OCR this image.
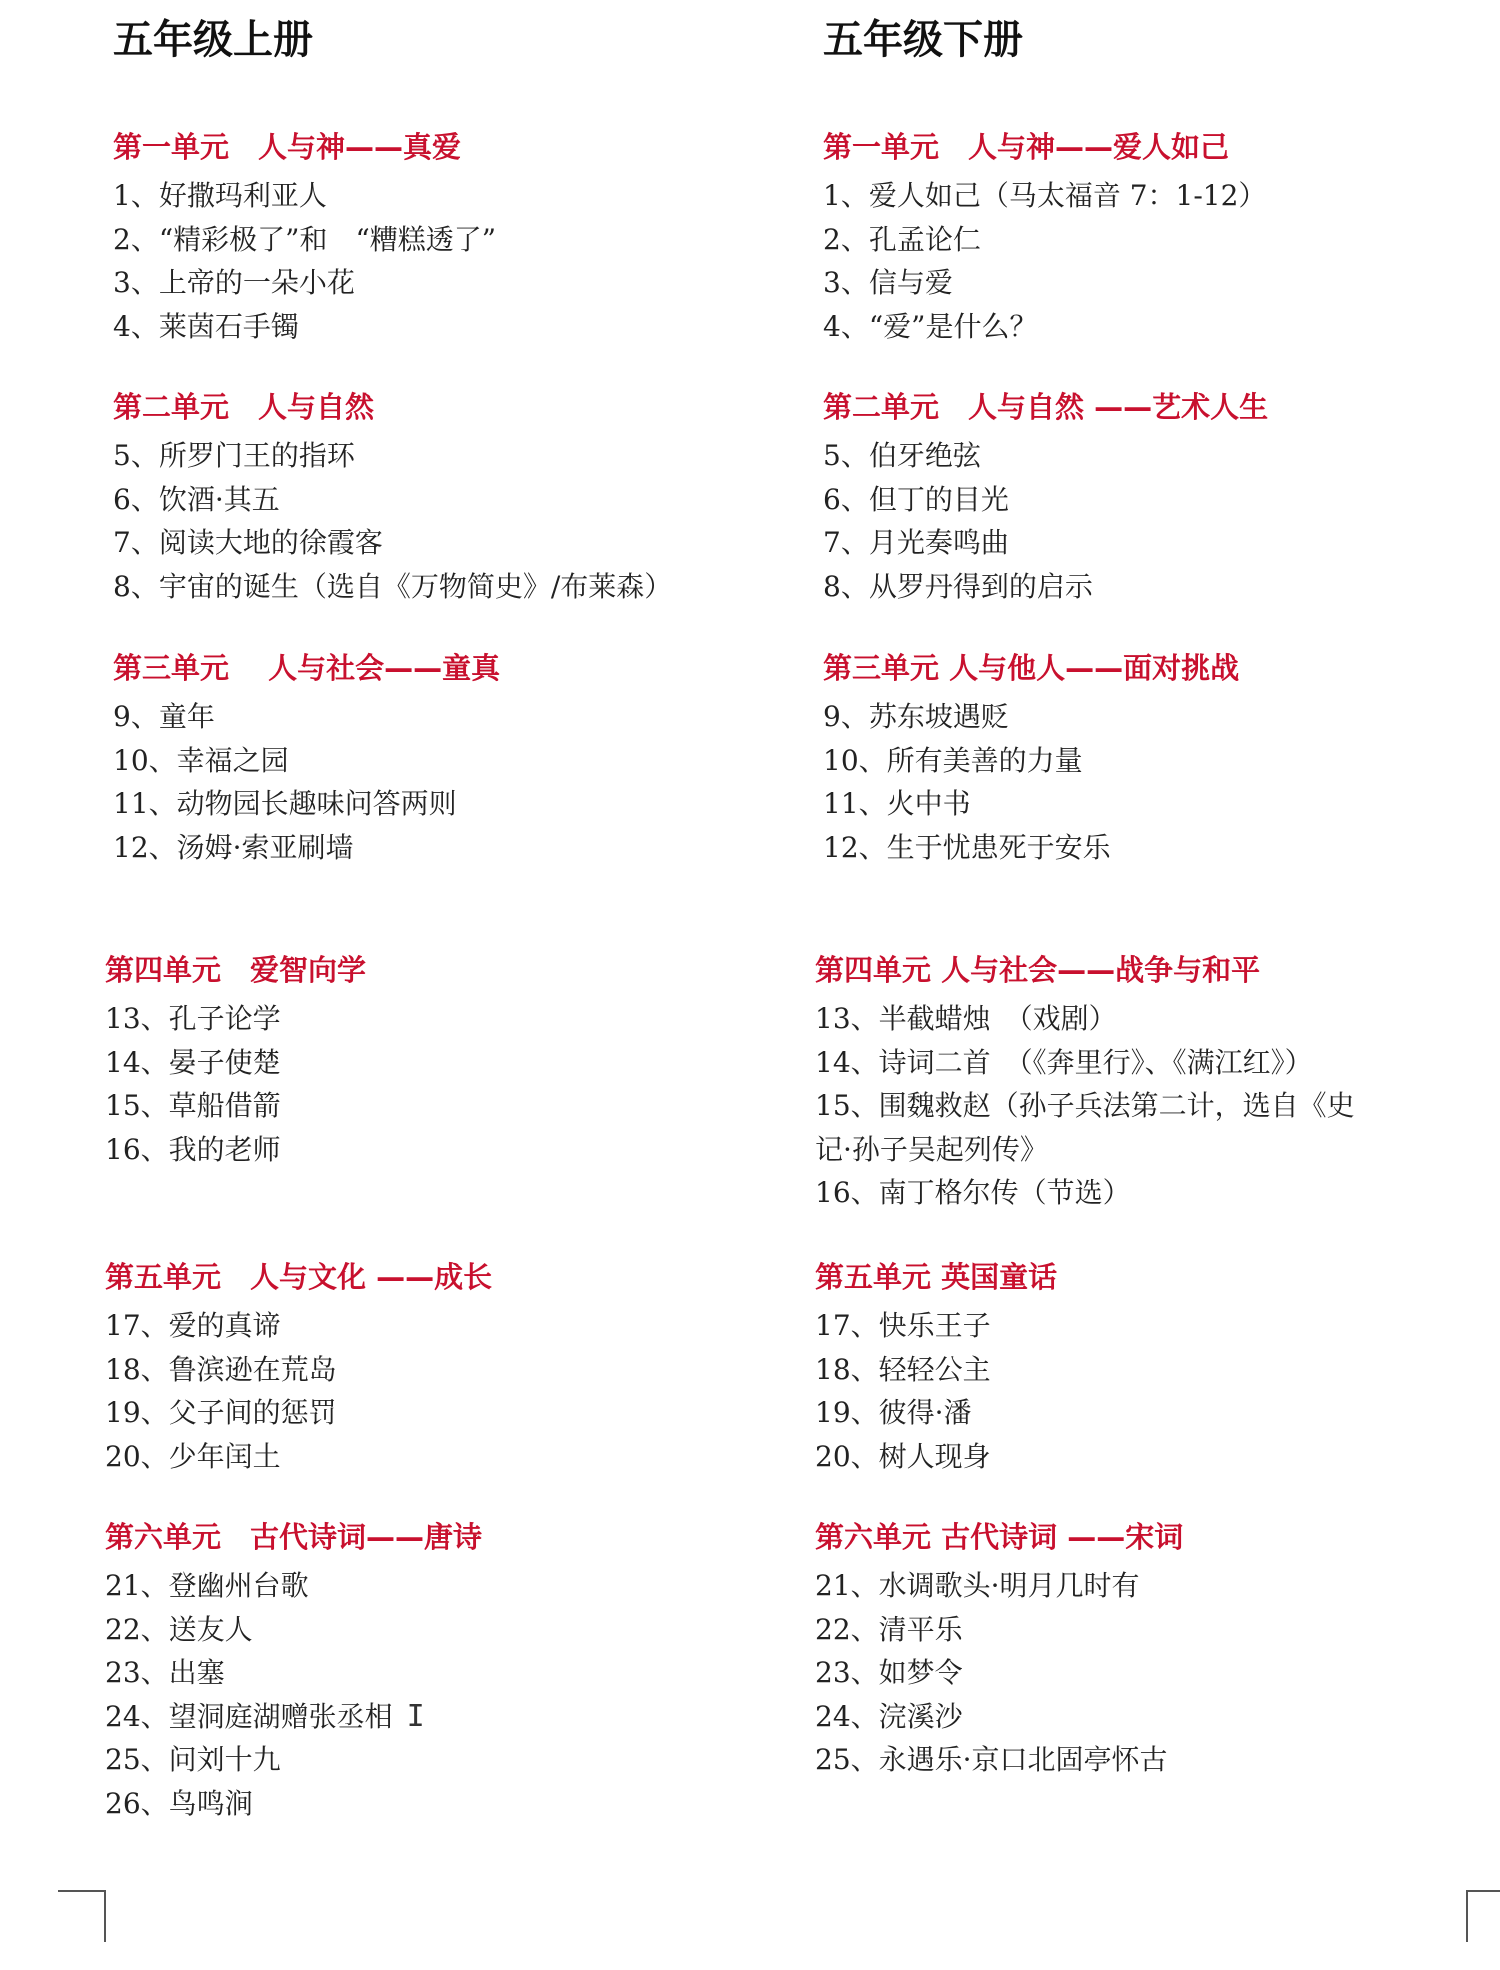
五年级上册	五年级下册
第一单元　人与神——真爱
1、好撒玛利亚人
2、“精彩极了”和　“糟糕透了”
3、上帝的一朵小花
4、莱茵石手镯
第二单元　人与自然
5、所罗门王的指环
6、饮酒·其五
7、阅读大地的徐霞客
8、宇宙的诞生（选自《万物简史》/布莱森）
第三单元　 人与社会——童真
9、童年
10、幸福之园
11、动物园长趣味问答两则
12、汤姆·索亚刷墙
第四单元　爱智向学
13、孔子论学
14、晏子使楚
15、草船借箭
16、我的老师
第五单元　人与文化 ——成长
17、爱的真谛
18、鲁滨逊在荒岛
19、父子间的惩罚
20、少年闰土
第六单元　古代诗词——唐诗
21、登幽州台歌
22、送友人
23、出塞
24、望洞庭湖赠张丞相 I
25、问刘十九
26、鸟鸣涧
第一单元　人与神——爱人如己
1、爱人如己（马太福音 7：1-12）
2、孔孟论仁
3、信与爱
4、“爱”是什么？
第二单元　人与自然 ——艺术人生
5、伯牙绝弦
6、但丁的目光
7、月光奏鸣曲
8、从罗丹得到的启示
第三单元 人与他人——面对挑战
9、苏东坡遇贬
10、所有美善的力量
11、火中书
12、生于忧患死于安乐
第四单元 人与社会——战争与和平
13、半截蜡烛　（戏剧）
14、诗词二首　（《奔里行》、《满江红》）
15、围魏救赵（孙子兵法第二计，选自《史
记·孙子吴起列传》
16、南丁格尔传（节选）
第五单元 英国童话
17、快乐王子
18、轻轻公主
19、彼得·潘
20、树人现身
第六单元 古代诗词 ——宋词
21、水调歌头·明月几时有
22、清平乐
23、如梦令
24、浣溪沙
25、永遇乐·京口北固亭怀古
